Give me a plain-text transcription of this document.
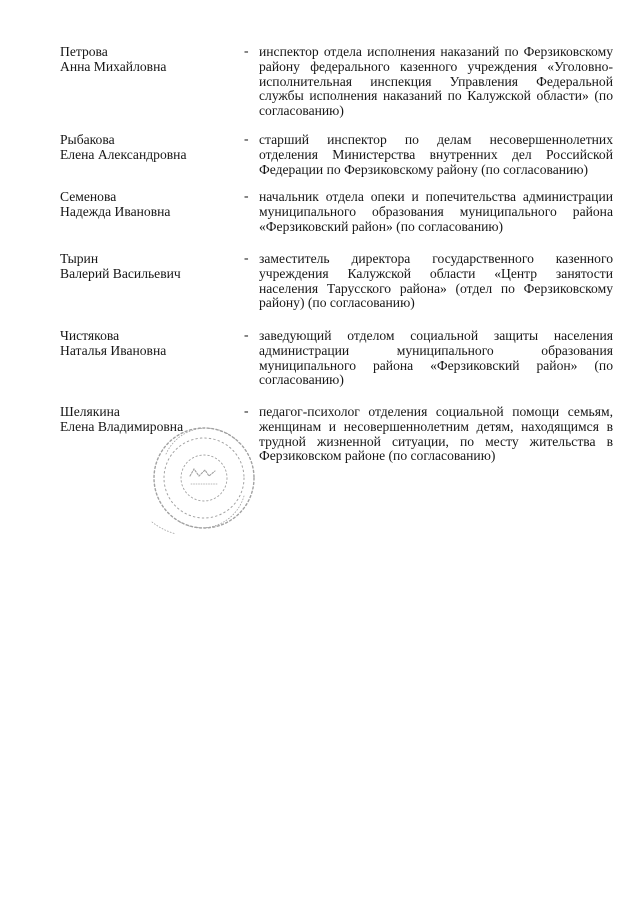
Петрова
Анна Михайловна
- инспектор отдела исполнения наказаний по Ферзиковскому району федерального казенного учреждения «Уголовно-исполнительная инспекция Управления Федеральной службы исполнения наказаний по Калужской области» (по согласованию)
Рыбакова
Елена Александровна
- старший инспектор по делам несовершеннолетних отделения Министерства внутренних дел Российской Федерации по Ферзиковскому району (по согласованию)
Семенова
Надежда Ивановна
- начальник отдела опеки и попечительства администрации муниципального образования муниципального района «Ферзиковский район» (по согласованию)
Тырин
Валерий Васильевич
- заместитель директора государственного казенного учреждения Калужской области «Центр занятости населения Тарусского района» (отдел по Ферзиковскому району) (по согласованию)
Чистякова
Наталья Ивановна
- заведующий отделом социальной защиты населения администрации муниципального образования муниципального района «Ферзиковский район» (по согласованию)
Шелякина
Елена Владимировна
- педагог-психолог отделения социальной помощи семьям, женщинам и несовершеннолетним детям, находящимся в трудной жизненной ситуации, по месту жительства в Ферзиковском районе (по согласованию)
